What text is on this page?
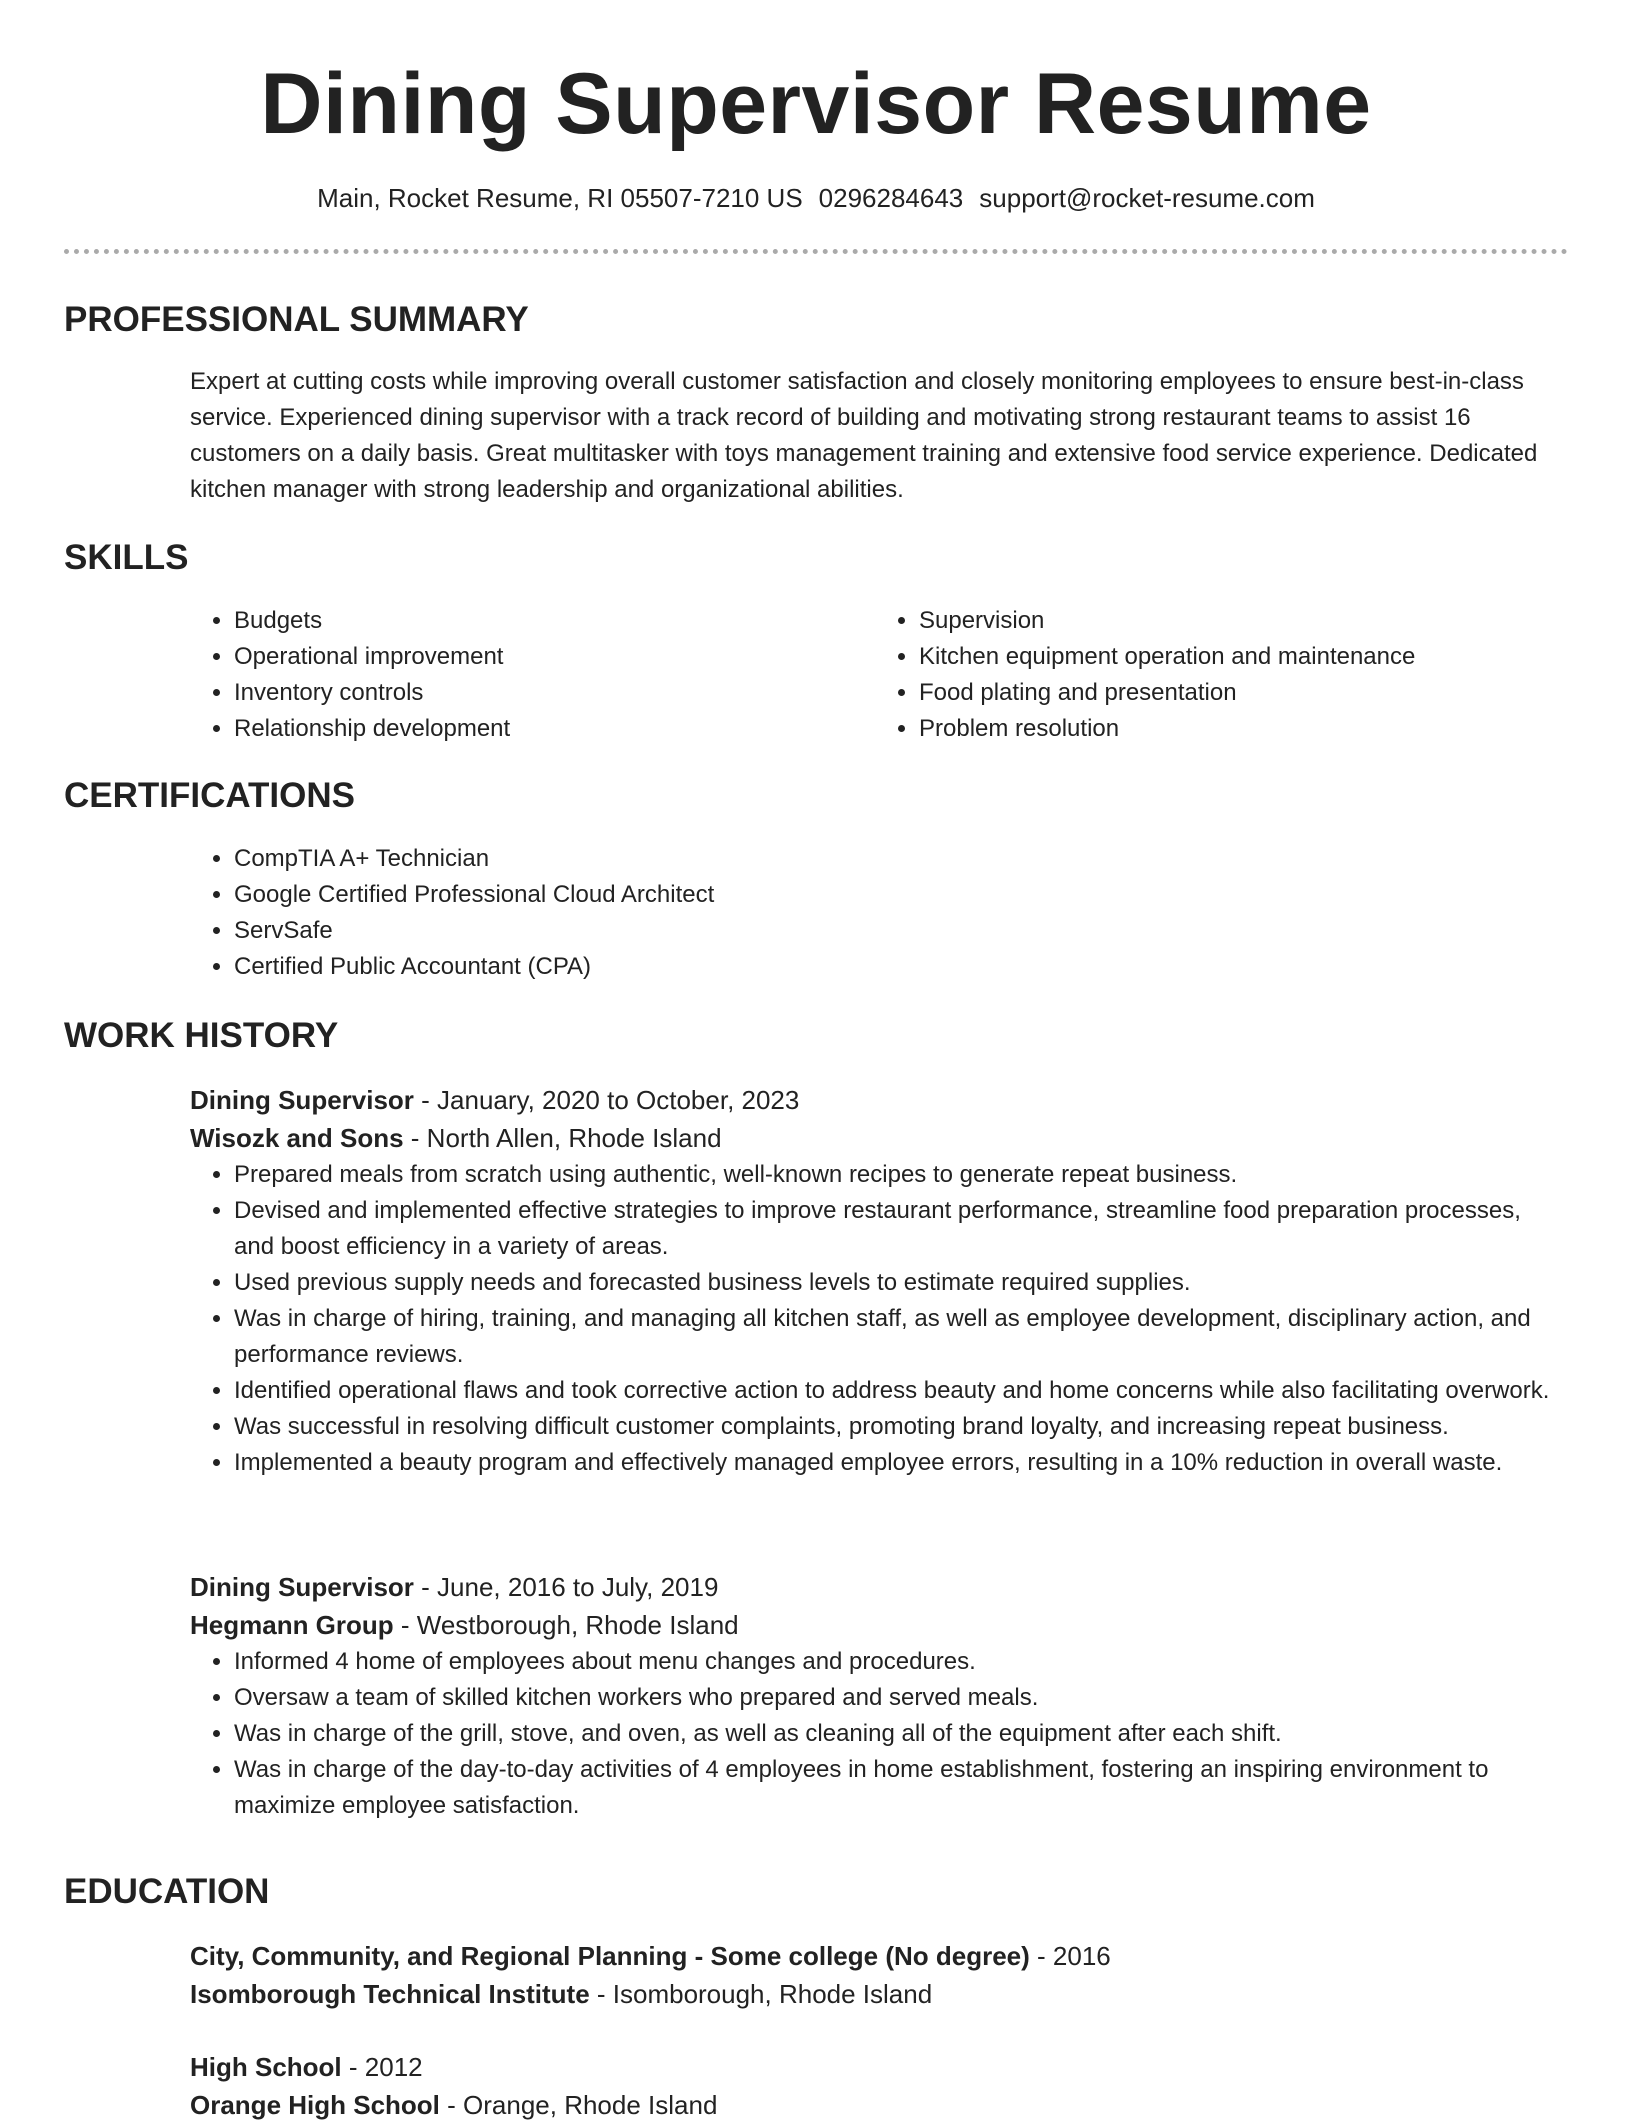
Dining Supervisor Resume
Main, Rocket Resume, RI 05507-7210 US 0296284643 support@rocket-resume.com
PROFESSIONAL SUMMARY

Expert at cutting costs while improving overall customer satisfaction and closely monitoring employees to ensure best-in-class service. Experienced dining supervisor with a track record of building and motivating strong restaurant teams to assist 16 customers on a daily basis. Great multitasker with toys management training and extensive food service experience. Dedicated kitchen manager with strong leadership and organizational abilities.

SKILLS
• Budgets
• Operational improvement
• Inventory controls
• Relationship development
• Supervision
• Kitchen equipment operation and maintenance
• Food plating and presentation
• Problem resolution
CERTIFICATIONS
• CompTIA A+ Technician
• Google Certified Professional Cloud Architect
• ServSafe
• Certified Public Accountant (CPA)
WORK HISTORY

Dining Supervisor - January, 2020 to October, 2023

Wisozk and Sons - North Allen, Rhode Island

• Prepared meals from scratch using authentic, well-known recipes to generate repeat business.
• Devised and implemented effective strategies to improve restaurant performance, streamline food preparation processes, and boost efficiency in a variety of areas.
• Used previous supply needs and forecasted business levels to estimate required supplies.
• Was in charge of hiring, training, and managing all kitchen staff, as well as employee development, disciplinary action, and performance reviews.
• Identified operational flaws and took corrective action to address beauty and home concerns while also facilitating overwork.
• Was successful in resolving difficult customer complaints, promoting brand loyalty, and increasing repeat business.
• Implemented a beauty program and effectively managed employee errors, resulting in a 10% reduction in overall waste.

Dining Supervisor - June, 2016 to July, 2019

Hegmann Group - Westborough, Rhode Island

• Informed 4 home of employees about menu changes and procedures.
• Oversaw a team of skilled kitchen workers who prepared and served meals.
• Was in charge of the grill, stove, and oven, as well as cleaning all of the equipment after each shift.
• Was in charge of the day-to-day activities of 4 employees in home establishment, fostering an inspiring environment to maximize employee satisfaction.
EDUCATION

City, Community, and Regional Planning - Some college (No degree) - 2016

Isomborough Technical Institute - Isomborough, Rhode Island

High School - 2012

Orange High School - Orange, Rhode Island
